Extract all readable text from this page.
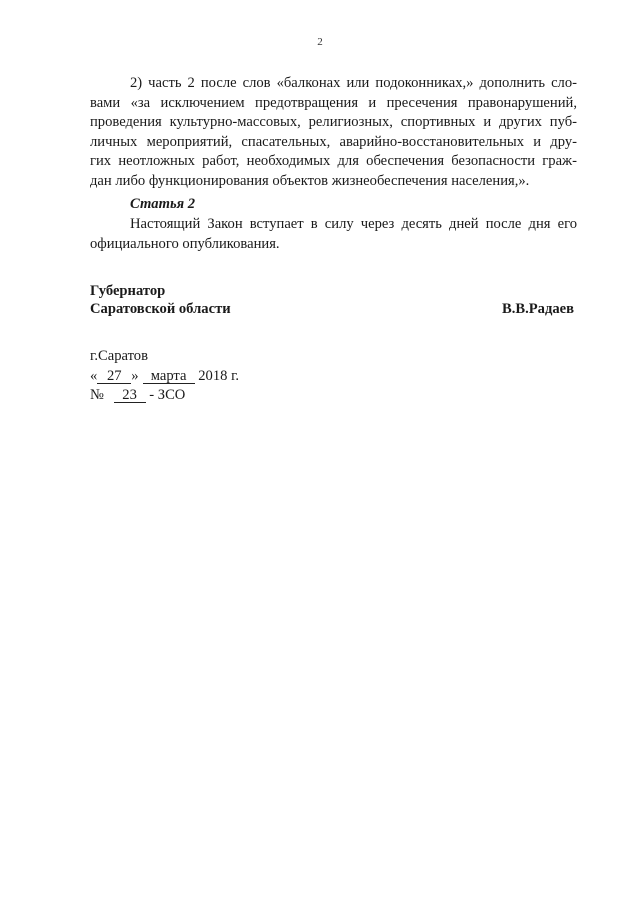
2

2) часть 2 после слов «балконах или подоконниках,» дополнить сло-
вами «за исключением предотвращения и пресечения правонарушений,
проведения культурно-массовых, религиозных, спортивных и других пуб-
личных мероприятий, спасательных, аварийно-восстановительных и дру-
гих неотложных работ, необходимых для обеспечения безопасности граж-
дан либо функционирования объектов жизнеобеспечения населения,».

Статья 2

Настоящий Закон вступает в силу через десять дней после дня его
официального опубликования.

Губернатор
Саратовской области	В.В.Радаев
г.Саратов
« 27 » марта 2018 г.
№ 23 - ЗСО
